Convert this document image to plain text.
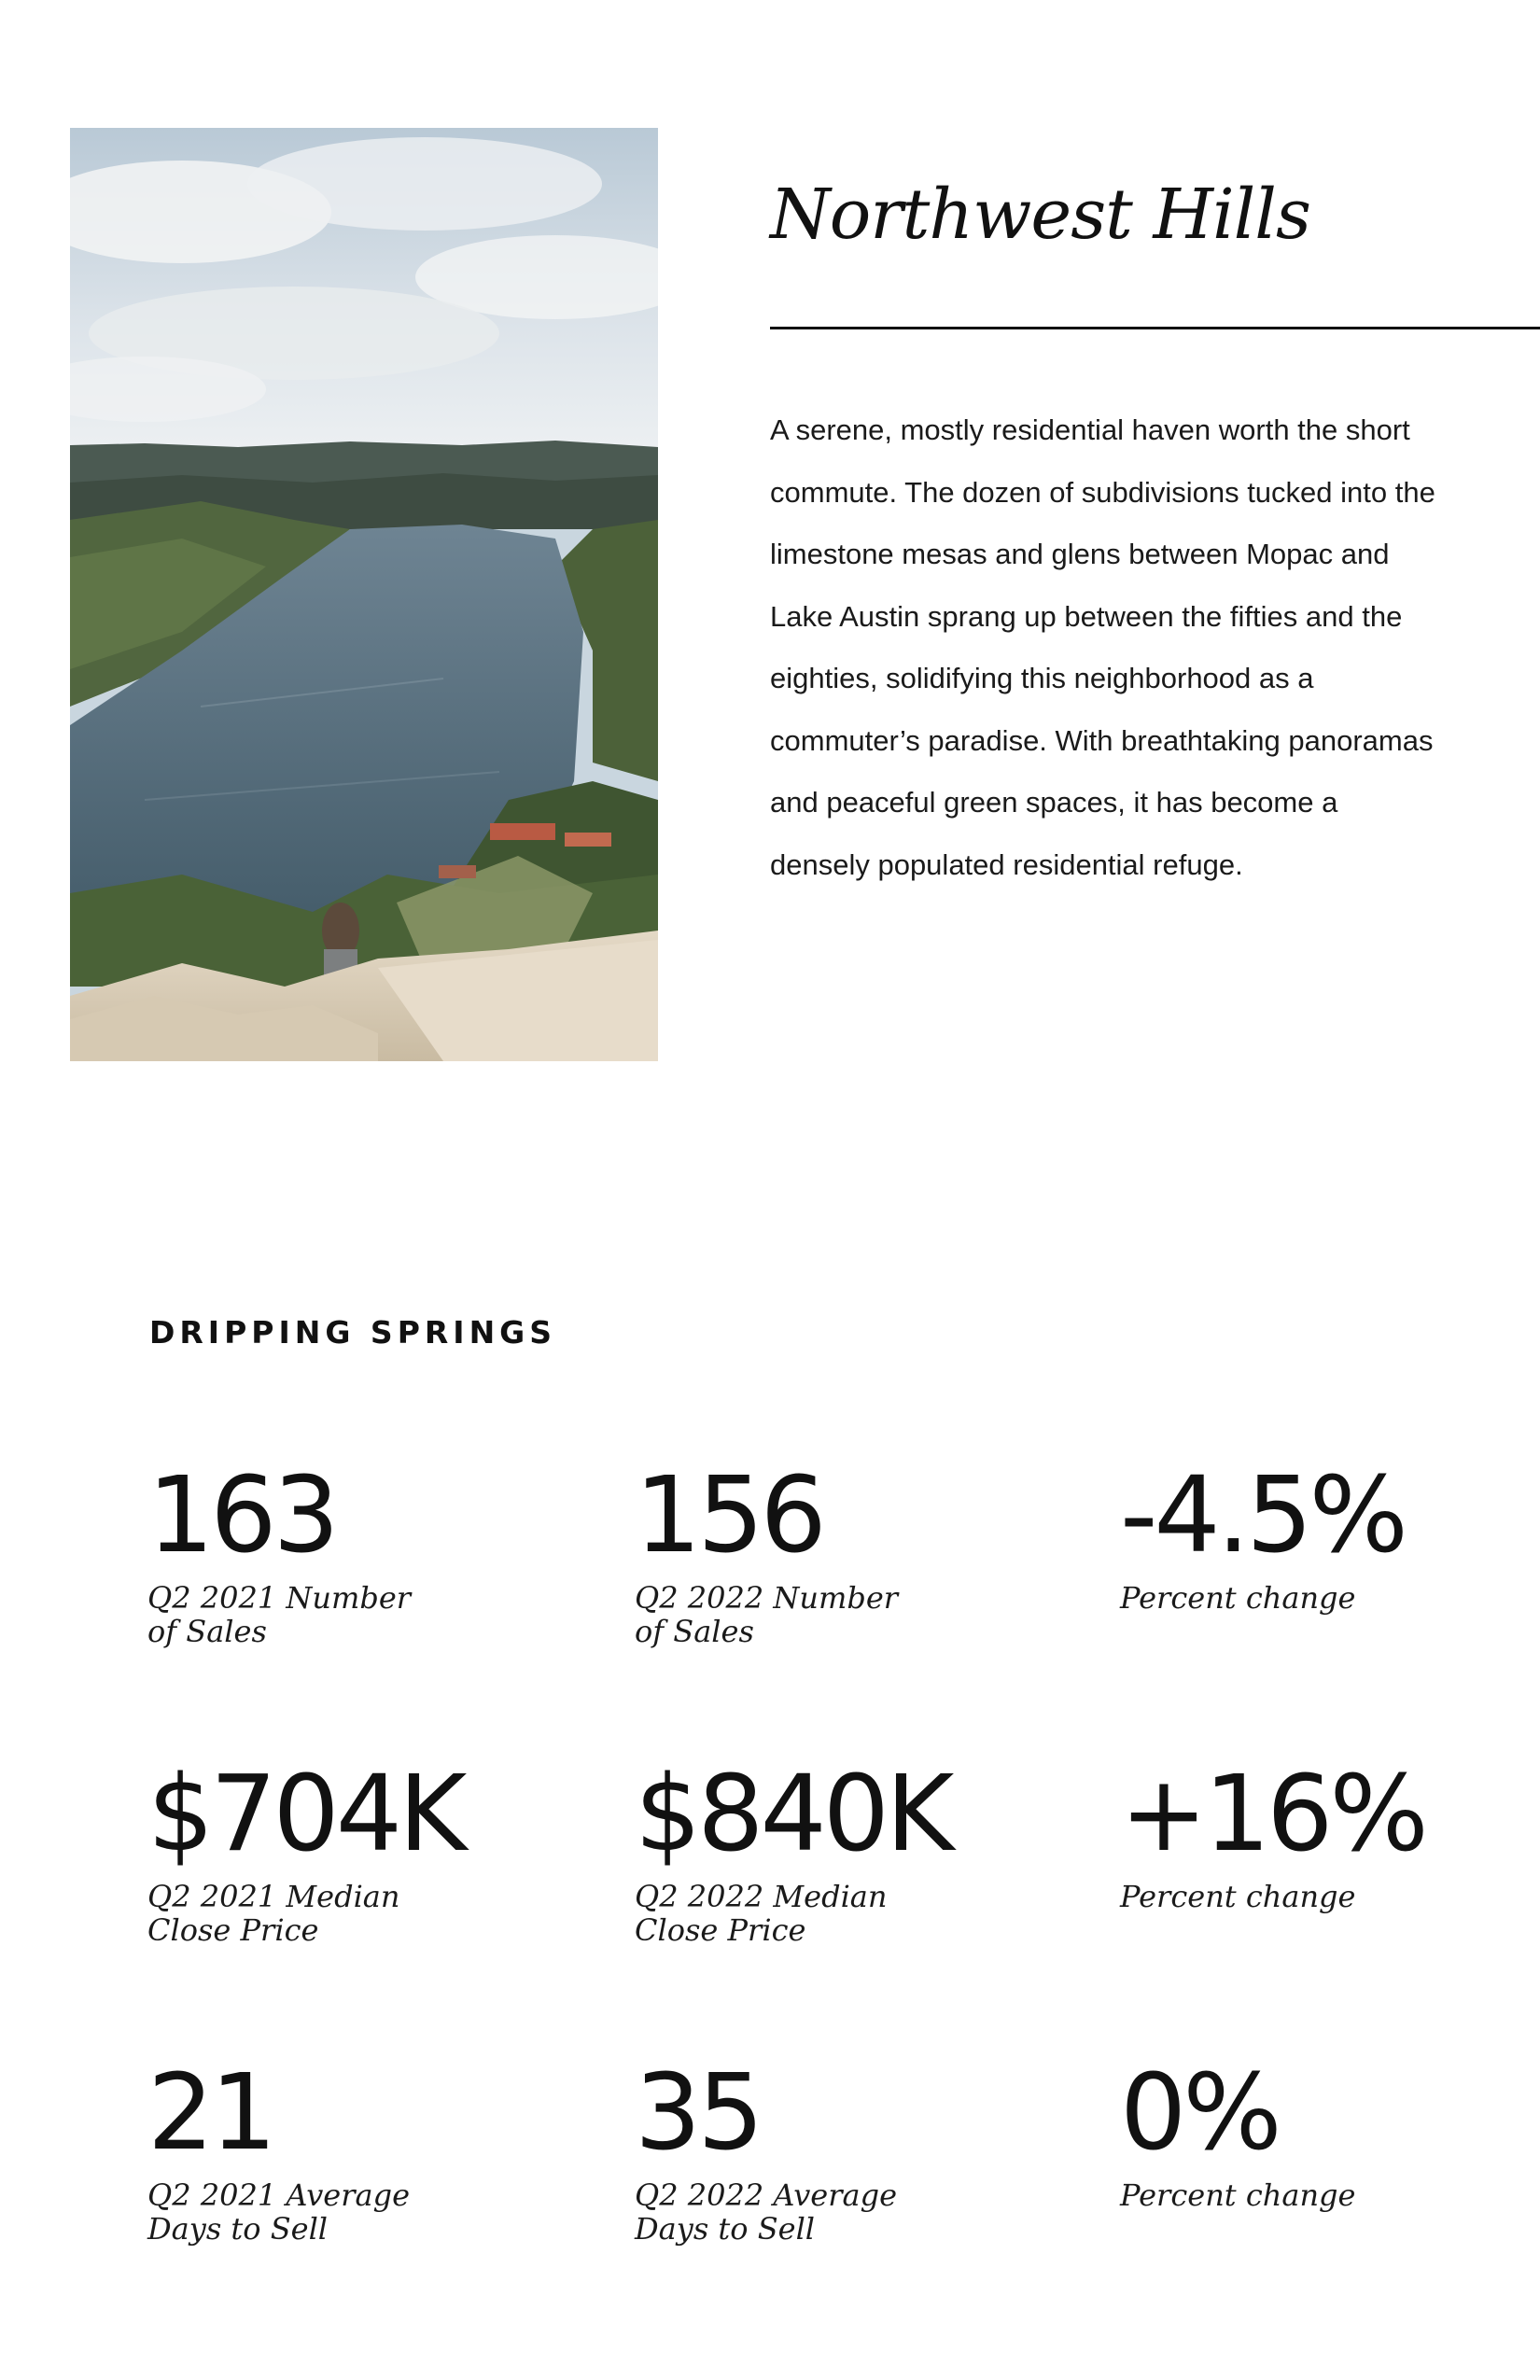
Northwest Hills

A serene, mostly residential haven worth the short commute. The dozen of subdivisions tucked into the limestone mesas and glens between Mopac and Lake Austin sprang up between the fifties and the eighties, solidifying this neighborhood as a commuter’s paradise. With breathtaking panoramas and peaceful green spaces, it has become a densely populated residential refuge.

DRIPPING SPRINGS
163
Q2 2021 Number of Sales
156
Q2 2022 Number of Sales
-4.5%
Percent change
$704K
Q2 2021 Median Close Price
$840K
Q2 2022 Median Close Price
+16%
Percent change
21
Q2 2021 Average Days to Sell
35
Q2 2022 Average Days to Sell
0%
Percent change
